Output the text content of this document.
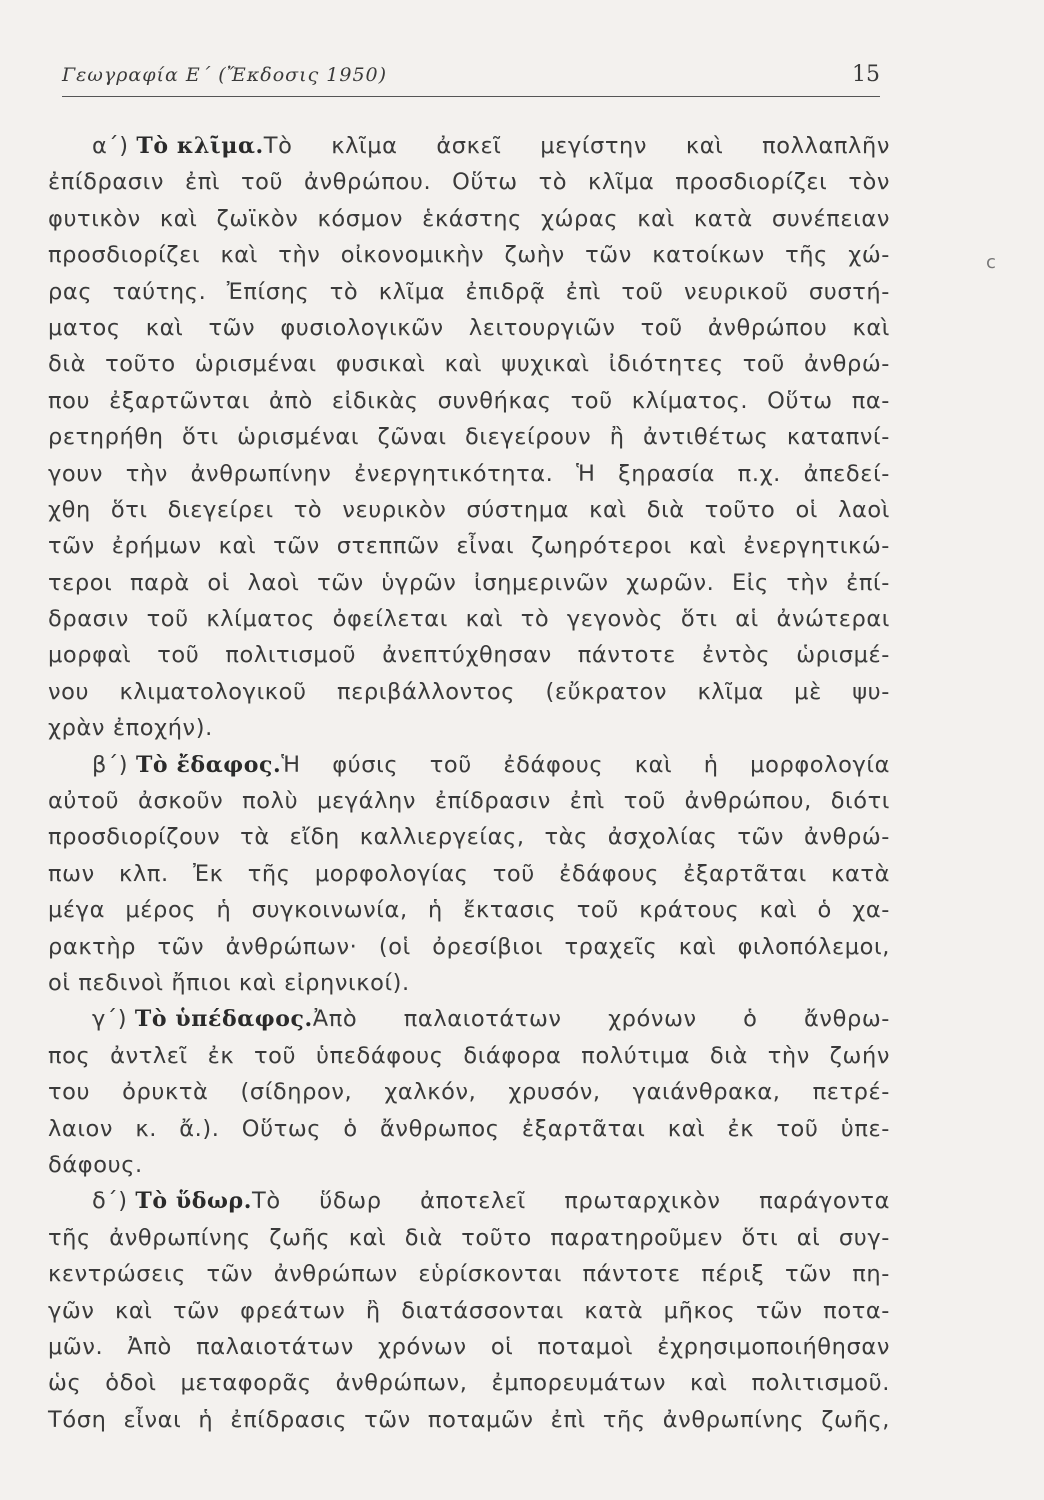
Γεωγραφία Ε΄ (Ἔκδοσις 1950)	15
c
α΄) Τὸ κλῖμα. Τὸ κλῖμα ἀσκεῖ μεγίστην καὶ πολλαπλῆν
ἐπίδρασιν ἐπὶ τοῦ ἀνθρώπου. Οὕτω τὸ κλῖμα προσδιορίζει τὸν
φυτικὸν καὶ ζωϊκὸν κόσμον ἑκάστης χώρας καὶ κατὰ συνέπειαν
προσδιορίζει καὶ τὴν οἰκονομικὴν ζωὴν τῶν κατοίκων τῆς χώ-
ρας ταύτης. Ἐπίσης τὸ κλῖμα ἐπιδρᾷ ἐπὶ τοῦ νευρικοῦ συστή-
ματος καὶ τῶν φυσιολογικῶν λειτουργιῶν τοῦ ἀνθρώπου καὶ
διὰ τοῦτο ὡρισμέναι φυσικαὶ καὶ ψυχικαὶ ἰδιότητες τοῦ ἀνθρώ-
που ἐξαρτῶνται ἀπὸ εἰδικὰς συνθήκας τοῦ κλίματος. Οὕτω πα-
ρετηρήθη ὅτι ὡρισμέναι ζῶναι διεγείρουν ἢ ἀντιθέτως καταπνί-
γουν τὴν ἀνθρωπίνην ἐνεργητικότητα. Ἡ ξηρασία π.χ. ἀπεδεί-
χθη ὅτι διεγείρει τὸ νευρικὸν σύστημα καὶ διὰ τοῦτο οἱ λαοὶ
τῶν ἐρήμων καὶ τῶν στεππῶν εἶναι ζωηρότεροι καὶ ἐνεργητικώ-
τεροι παρὰ οἱ λαοὶ τῶν ὑγρῶν ἰσημερινῶν χωρῶν. Εἰς τὴν ἐπί-
δρασιν τοῦ κλίματος ὀφείλεται καὶ τὸ γεγονὸς ὅτι αἱ ἀνώτεραι
μορφαὶ τοῦ πολιτισμοῦ ἀνεπτύχθησαν πάντοτε ἐντὸς ὡρισμέ-
νου κλιματολογικοῦ περιβάλλοντος (εὔκρατον κλῖμα μὲ ψυ-
χρὰν ἐποχήν).
β΄) Τὸ ἔδαφος. Ἡ φύσις τοῦ ἐδάφους καὶ ἡ μορφολογία
αὐτοῦ ἀσκοῦν πολὺ μεγάλην ἐπίδρασιν ἐπὶ τοῦ ἀνθρώπου, διότι
προσδιορίζουν τὰ εἴδη καλλιεργείας, τὰς ἀσχολίας τῶν ἀνθρώ-
πων κλπ. Ἐκ τῆς μορφολογίας τοῦ ἐδάφους ἐξαρτᾶται κατὰ
μέγα μέρος ἡ συγκοινωνία, ἡ ἔκτασις τοῦ κράτους καὶ ὁ χα-
ρακτὴρ τῶν ἀνθρώπων· (οἱ ὀρεσίβιοι τραχεῖς καὶ φιλοπόλεμοι,
οἱ πεδινοὶ ἤπιοι καὶ εἰρηνικοί).
γ΄) Τὸ ὑπέδαφος. Ἀπὸ παλαιοτάτων χρόνων ὁ ἄνθρω-
πος ἀντλεῖ ἐκ τοῦ ὑπεδάφους διάφορα πολύτιμα διὰ τὴν ζωήν
του ὀρυκτὰ (σίδηρον, χαλκόν, χρυσόν, γαιάνθρακα, πετρέ-
λαιον κ. ἄ.). Οὕτως ὁ ἄνθρωπος ἐξαρτᾶται καὶ ἐκ τοῦ ὑπε-
δάφους.
δ΄) Τὸ ὕδωρ. Τὸ ὕδωρ ἀποτελεῖ πρωταρχικὸν παράγοντα
τῆς ἀνθρωπίνης ζωῆς καὶ διὰ τοῦτο παρατηροῦμεν ὅτι αἱ συγ-
κεντρώσεις τῶν ἀνθρώπων εὑρίσκονται πάντοτε πέριξ τῶν πη-
γῶν καὶ τῶν φρεάτων ἢ διατάσσονται κατὰ μῆκος τῶν ποτα-
μῶν. Ἀπὸ παλαιοτάτων χρόνων οἱ ποταμοὶ ἐχρησιμοποιήθησαν
ὡς ὁδοὶ μεταφορᾶς ἀνθρώπων, ἐμπορευμάτων καὶ πολιτισμοῦ.
Τόση εἶναι ἡ ἐπίδρασις τῶν ποταμῶν ἐπὶ τῆς ἀνθρωπίνης ζωῆς,
